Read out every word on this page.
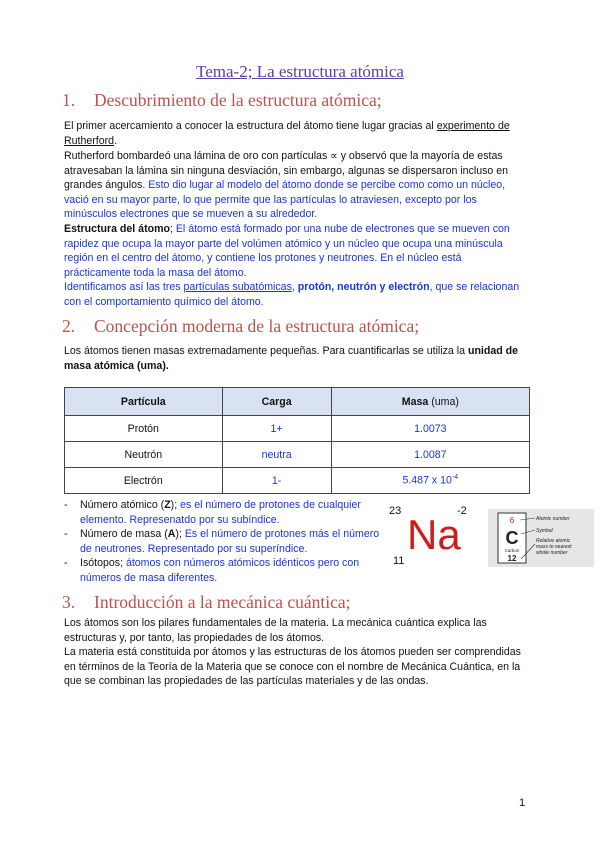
Tema-2; La estructura atómica
1. Descubrimiento de la estructura atómica;
El primer acercamiento a conocer la estructura del átomo tiene lugar gracias al experimento de Rutherford.
Rutherford bombardeó una lámina de oro con partículas ∝ y observó que la mayoría de estas atravesaban la lámina sin ninguna desviación, sin embargo, algunas se dispersaron incluso en grandes ángulos. Esto dio lugar al modelo del átomo donde se percibe como como un núcleo, vació en su mayor parte, lo que permite que las partículas lo atraviesen, excepto por los minúsculos electrones que se mueven a su alrededor.
Estructura del átomo; El átomo está formado por una nube de electrones que se mueven con rapidez que ocupa la mayor parte del volúmen atómico y un núcleo que ocupa una minúscula región en el centro del átomo, y contiene los protones y neutrones. En el núcleo está prácticamente toda la masa del átomo.
Identificamos así las tres partículas subatómicas, protón, neutrón y electrón, que se relacionan con el comportamiento químico del átomo.
2. Concepción moderna de la estructura atómica;
Los átomos tienen masas extremadamente pequeñas. Para cuantificarlas se utiliza la unidad de masa atómica (uma).
Partícula	Carga	Masa (uma)
Protón	1+	1.0073
Neutrón	neutra	1.0087
Electrón	1-	5.487 x $10^{-4}$
- Número atómico (Z); es el número de protones de cualquier elemento. Represenatdo por su subíndice.
- Número de masa (A); Es el número de protones más el número de neutrones. Representado por su superíndice.
- Isótopos; átomos con números atómicos idénticos pero con números de masa diferentes.
23	-2
Na
11
6
C
Carbon
12
Atomic number
Symbol
Relative atomic
mass to nearest
whole number
3. Introducción a la mecánica cuántica;
Los átomos son los pilares fundamentales de la materia. La mecánica cuántica explica las estructuras y, por tanto, las propiedades de los átomos.
La materia está constituida por átomos y las estructuras de los átomos pueden ser comprendidas en términos de la Teoría de la Materia que se conoce con el nombre de Mecánica Cuántica, en la que se combinan las propiedades de las partículas materiales y de las ondas.
1
